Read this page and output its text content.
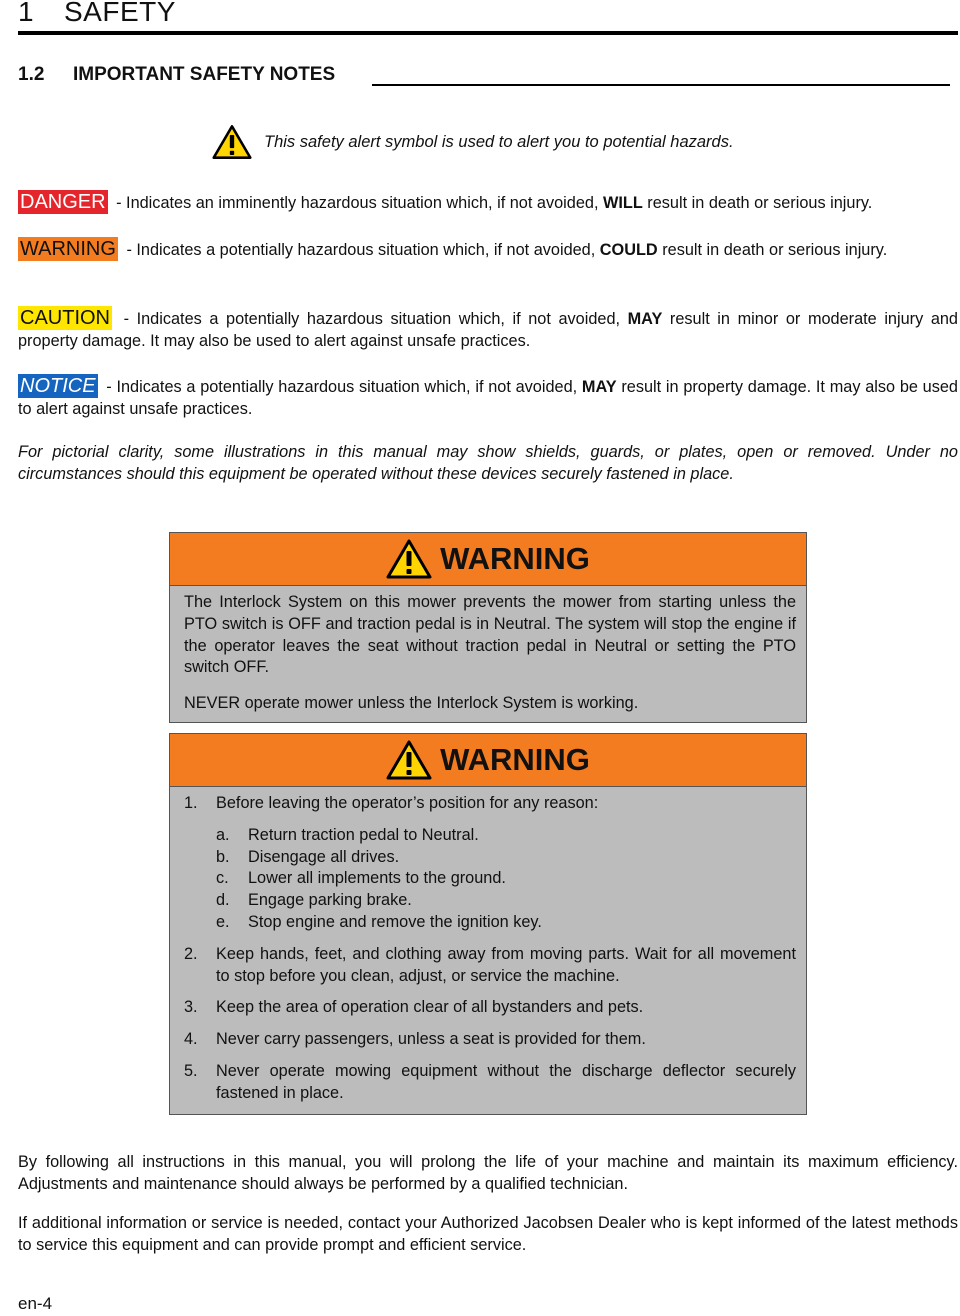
1 SAFETY
1.2 IMPORTANT SAFETY NOTES
This safety alert symbol is used to alert you to potential hazards.
DANGER - Indicates an imminently hazardous situation which, if not avoided, WILL result in death or serious injury.
WARNING - Indicates a potentially hazardous situation which, if not avoided, COULD result in death or serious injury.
CAUTION - Indicates a potentially hazardous situation which, if not avoided, MAY result in minor or moderate injury and property damage. It may also be used to alert against unsafe practices.
NOTICE - Indicates a potentially hazardous situation which, if not avoided, MAY result in property damage. It may also be used to alert against unsafe practices.
For pictorial clarity, some illustrations in this manual may show shields, guards, or plates, open or removed. Under no circumstances should this equipment be operated without these devices securely fastened in place.
WARNING

The Interlock System on this mower prevents the mower from starting unless the PTO switch is OFF and traction pedal is in Neutral. The system will stop the engine if the operator leaves the seat without traction pedal in Neutral or setting the PTO switch OFF.

NEVER operate mower unless the Interlock System is working.

WARNING
1.	Before leaving the operator’s position for any reason:
a.	Return traction pedal to Neutral.
b.	Disengage all drives.
c.	Lower all implements to the ground.
d.	Engage parking brake.
e.	Stop engine and remove the ignition key.
2.	Keep hands, feet, and clothing away from moving parts. Wait for all movement to stop before you clean, adjust, or service the machine.
3.	Keep the area of operation clear of all bystanders and pets.
4.	Never carry passengers, unless a seat is provided for them.
5.	Never operate mowing equipment without the discharge deflector securely fastened in place.
By following all instructions in this manual, you will prolong the life of your machine and maintain its maximum efficiency. Adjustments and maintenance should always be performed by a qualified technician.
If additional information or service is needed, contact your Authorized Jacobsen Dealer who is kept informed of the latest methods to service this equipment and can provide prompt and efficient service.
en-4
